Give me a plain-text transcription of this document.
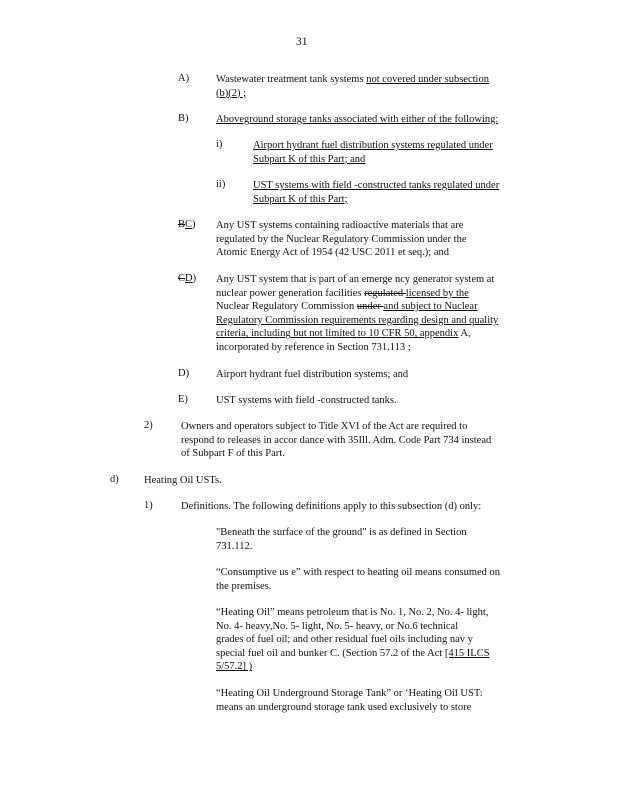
31
A)	Wastewater treatment tank systems not covered under subsection
(b)(2) ;
B)	Aboveground storage tanks associated with either of the following:
i)	Airport hydrant fuel distribution systems regulated under
Subpart K of this Part; and
ii)	UST systems with field -constructed tanks regulated under
Subpart K of this Part;
BC) Any UST systems containing radioactive materials that are
regulated by the Nuclear Regulatory Commission under the
Atomic Energy Act of 1954 (42 USC 2011 et seq.); and
CD) Any UST system that is part of an emerge ncy generator system at
nuclear power generation facilities regulated licensed by the
Nuclear Regulatory Commission under and subject to Nuclear
Regulatory Commission requirements regarding design and quality
criteria, including but not limited to 10 CFR 50, appendix A,
incorporated by reference in Section 731.113 ;
D)	Airport hydrant fuel distribution systems; and
E)	UST systems with field -constructed tanks.
2)	Owners and operators subject to Title XVI of the Act are required to
respond to releases in accor dance with 35Ill. Adm. Code Part 734 instead
of Subpart F of this Part.
d) Heating Oil USTs.
1)	Definitions. The following definitions apply to this subsection (d) only:
"Beneath the surface of the ground" is as defined in Section
731.112.
“Consumptive us e” with respect to heating oil means consumed on
the premises.
“Heating Oil” means petroleum that is No. 1, No. 2, No. 4- light,
No. 4- heavy,No. 5- light, No. 5- heavy, or No.6 technical
grades of fuel oil; and other residual fuel oils including nav y
special fuel oil and bunker C. (Section 57.2 of the Act [415 ILCS
5/57.2] )
“Heating Oil Underground Storage Tank” or ‘Heating Oil UST:
means an underground storage tank used exclusively to store
